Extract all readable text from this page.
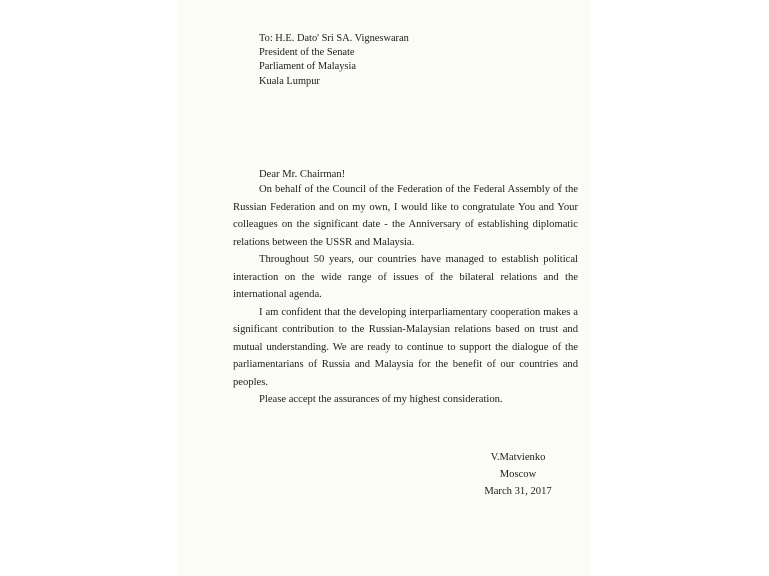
To: H.E. Dato' Sri SA. Vigneswaran
President of the Senate
Parliament of Malaysia
Kuala Lumpur
Dear Mr. Chairman!

On behalf of the Council of the Federation of the Federal Assembly of the Russian Federation and on my own, I would like to congratulate You and Your colleagues on the significant date - the Anniversary of establishing diplomatic relations between the USSR and Malaysia.

Throughout 50 years, our countries have managed to establish political interaction on the wide range of issues of the bilateral relations and the international agenda.

I am confident that the developing interparliamentary cooperation makes a significant contribution to the Russian-Malaysian relations based on trust and mutual understanding. We are ready to continue to support the dialogue of the parliamentarians of Russia and Malaysia for the benefit of our countries and peoples.

Please accept the assurances of my highest consideration.
V.Matvienko
Moscow
March 31, 2017
